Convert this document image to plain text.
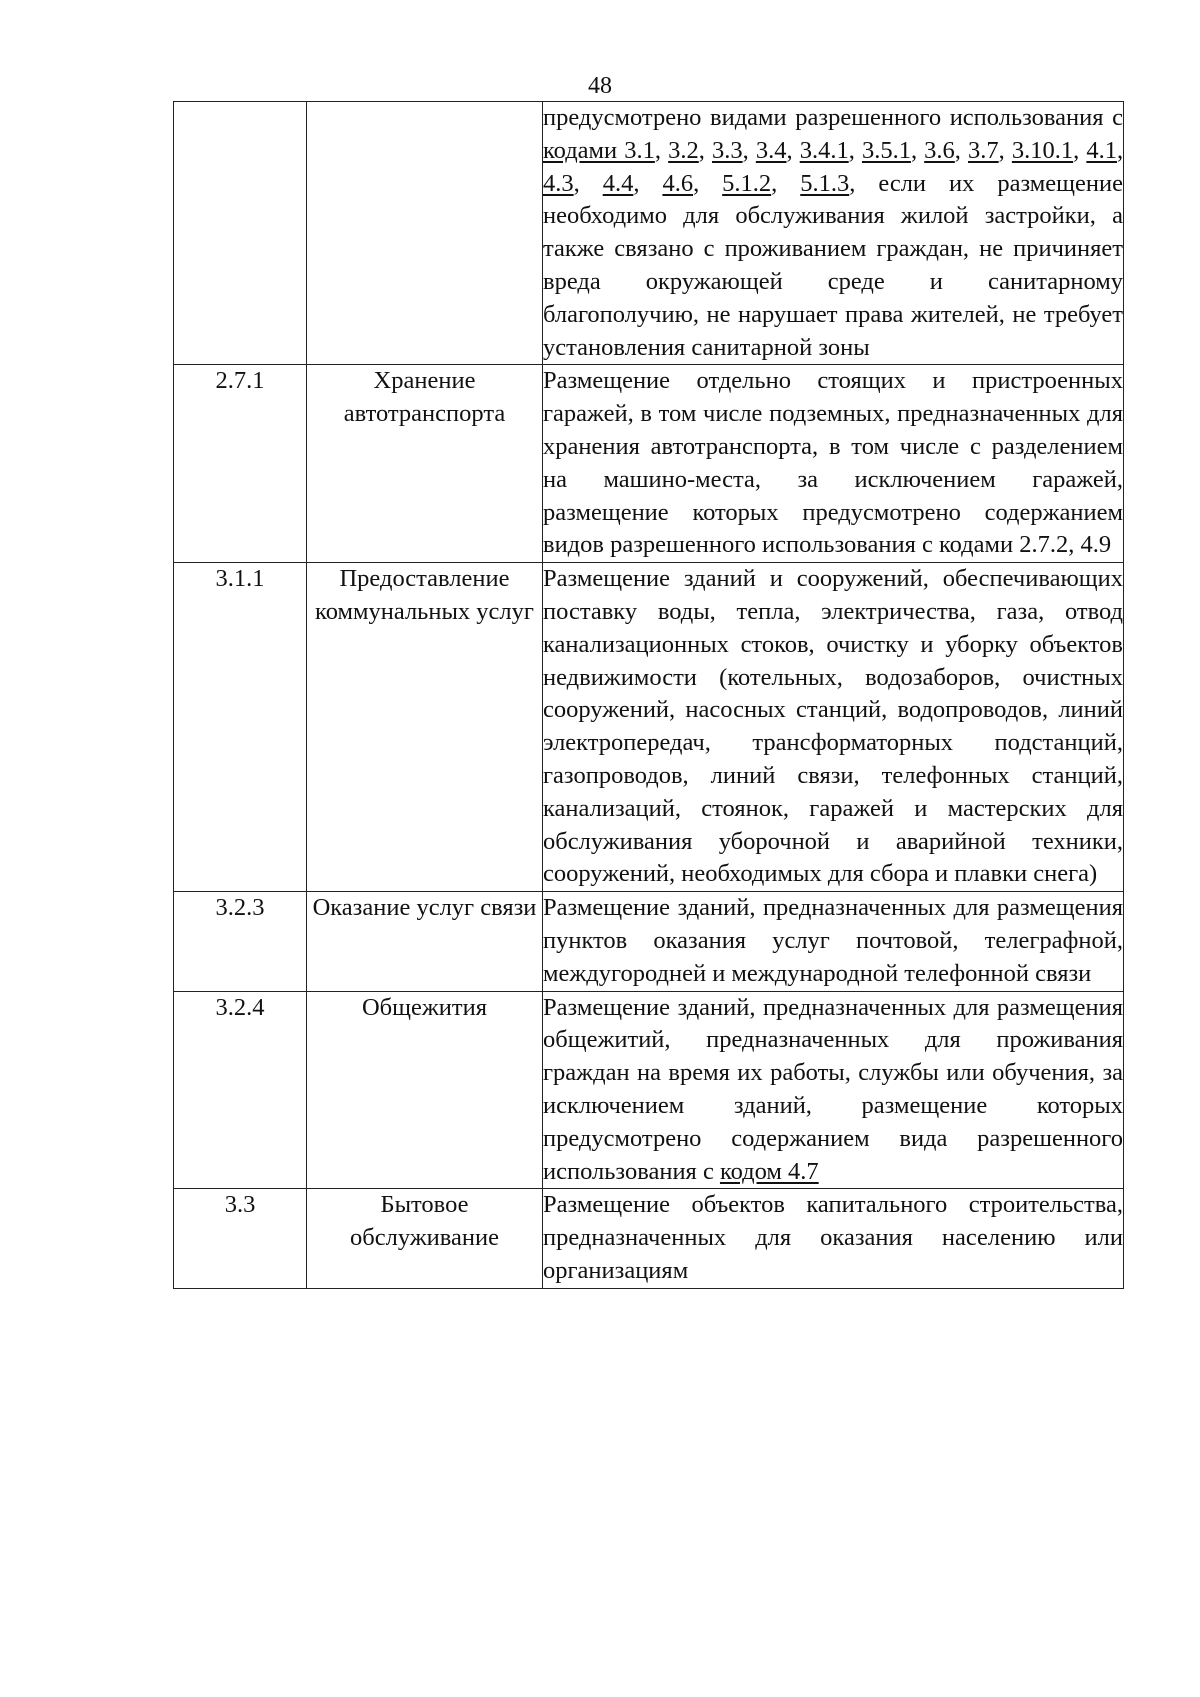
48
		предусмотрено видами разрешенного использования с кодами 3.1, 3.2, 3.3, 3.4, 3.4.1, 3.5.1, 3.6, 3.7, 3.10.1, 4.1, 4.3, 4.4, 4.6, 5.1.2, 5.1.3, если их размещение необходимо для обслуживания жилой застройки, а также связано с проживанием граждан, не причиняет вреда окружающей среде и санитарному благополучию, не нарушает права жителей, не требует установления санитарной зоны
2.7.1	Хранение автотранспорта	Размещение отдельно стоящих и пристроенных гаражей, в том числе подземных, предназначенных для хранения автотранспорта, в том числе с разделением на машино-места, за исключением гаражей, размещение которых предусмотрено содержанием видов разрешенного использования с кодами 2.7.2, 4.9
3.1.1	Предоставление коммунальных услуг	Размещение зданий и сооружений, обеспечивающих поставку воды, тепла, электричества, газа, отвод канализационных стоков, очистку и уборку объектов недвижимости (котельных, водозаборов, очистных сооружений, насосных станций, водопроводов, линий электропередач, трансформаторных подстанций, газопроводов, линий связи, телефонных станций, канализаций, стоянок, гаражей и мастерских для обслуживания уборочной и аварийной техники, сооружений, необходимых для сбора и плавки снега)
3.2.3	Оказание услуг связи	Размещение зданий, предназначенных для размещения пунктов оказания услуг почтовой, телеграфной, междугородней и международной телефонной связи
3.2.4	Общежития	Размещение зданий, предназначенных для размещения общежитий, предназначенных для проживания граждан на время их работы, службы или обучения, за исключением зданий, размещение которых предусмотрено содержанием вида разрешенного использования с кодом 4.7
3.3	Бытовое обслуживание	Размещение объектов капитального строительства, предназначенных для оказания населению или организациям
